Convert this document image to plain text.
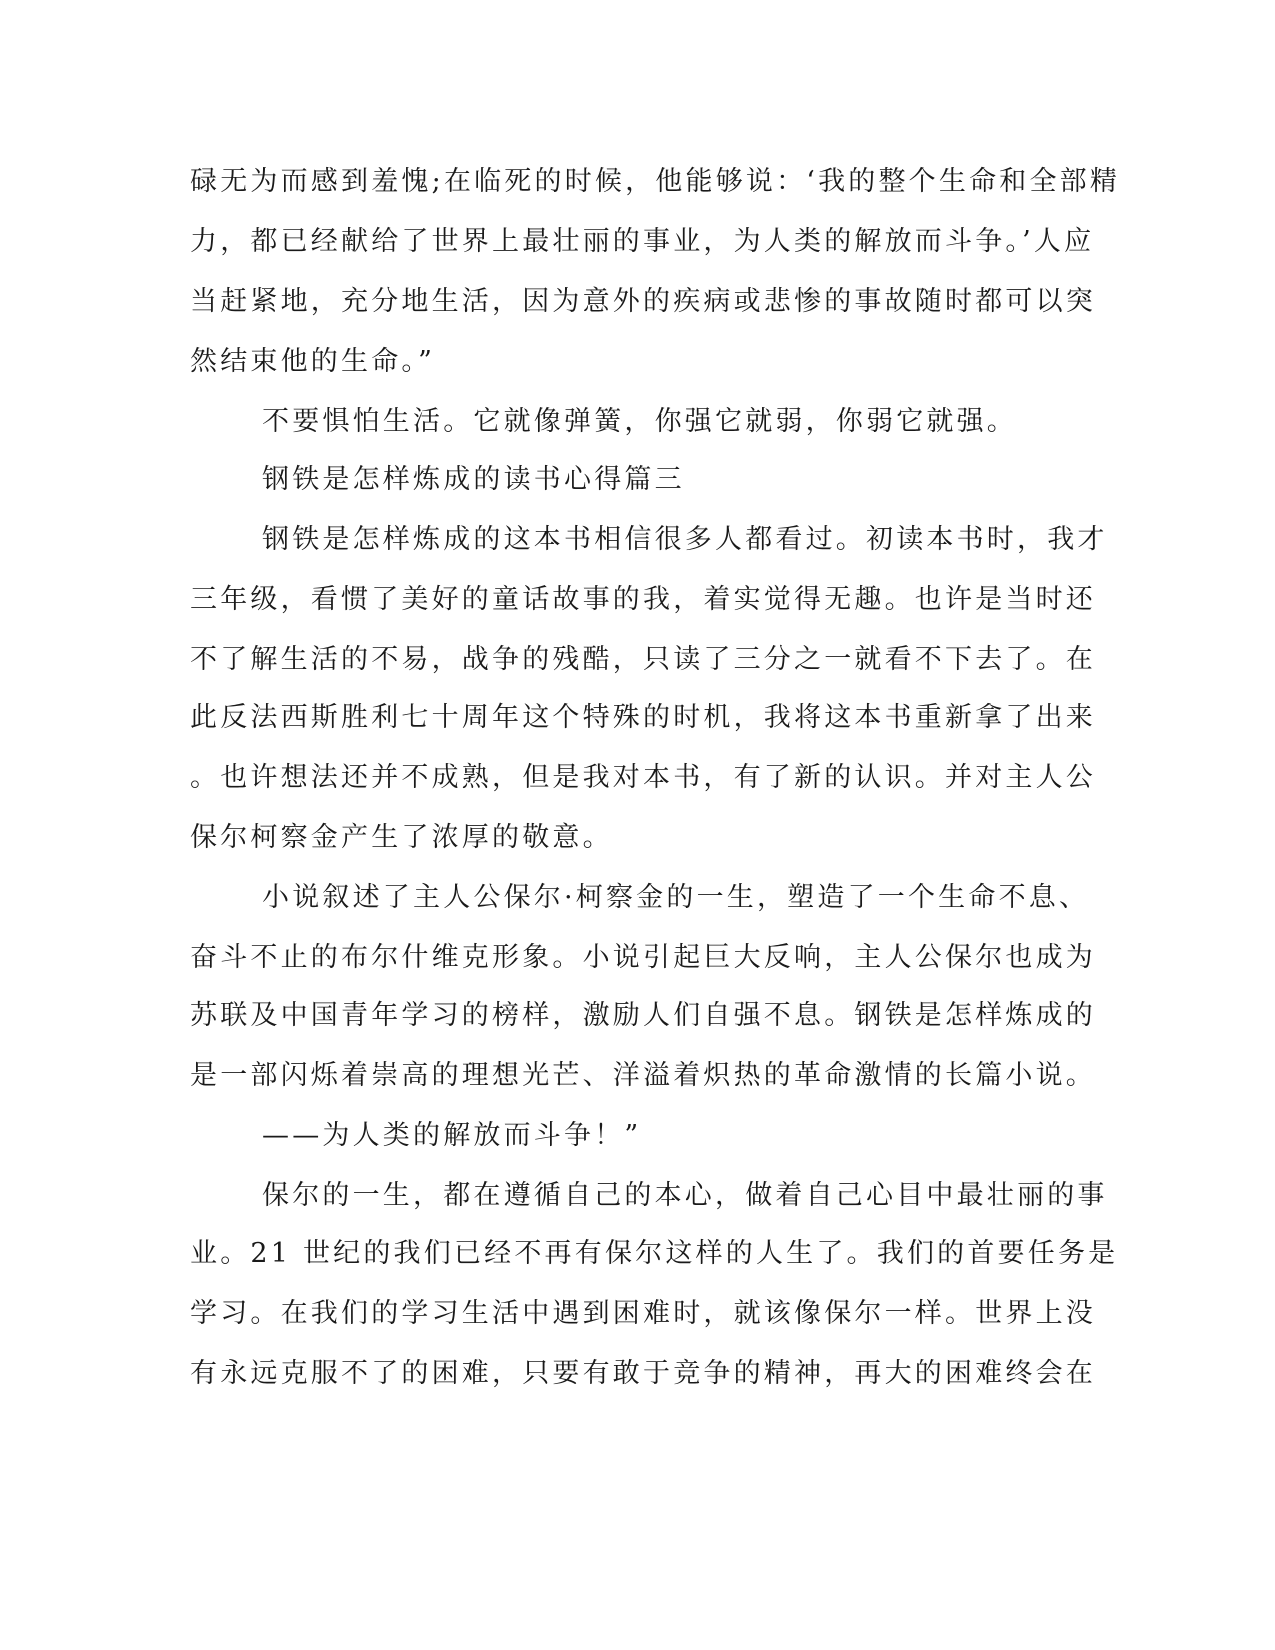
碌无为而感到羞愧;在临死的时候，他能够说：‘我的整个生命和全部精
力，都已经献给了世界上最壮丽的事业，为人类的解放而斗争。’人应
当赶紧地，充分地生活，因为意外的疾病或悲惨的事故随时都可以突
然结束他的生命。”
不要惧怕生活。它就像弹簧，你强它就弱，你弱它就强。
钢铁是怎样炼成的读书心得篇三
钢铁是怎样炼成的这本书相信很多人都看过。初读本书时，我才
三年级，看惯了美好的童话故事的我，着实觉得无趣。也许是当时还
不了解生活的不易，战争的残酷，只读了三分之一就看不下去了。在
此反法西斯胜利七十周年这个特殊的时机，我将这本书重新拿了出来
。也许想法还并不成熟，但是我对本书，有了新的认识。并对主人公
保尔柯察金产生了浓厚的敬意。
小说叙述了主人公保尔·柯察金的一生，塑造了一个生命不息、
奋斗不止的布尔什维克形象。小说引起巨大反响，主人公保尔也成为
苏联及中国青年学习的榜样，激励人们自强不息。钢铁是怎样炼成的
是一部闪烁着崇高的理想光芒、洋溢着炽热的革命激情的长篇小说。
——为人类的解放而斗争！”
保尔的一生，都在遵循自己的本心，做着自己心目中最壮丽的事
业。21 世纪的我们已经不再有保尔这样的人生了。我们的首要任务是
学习。在我们的学习生活中遇到困难时，就该像保尔一样。世界上没
有永远克服不了的困难，只要有敢于竞争的精神，再大的困难终会在
